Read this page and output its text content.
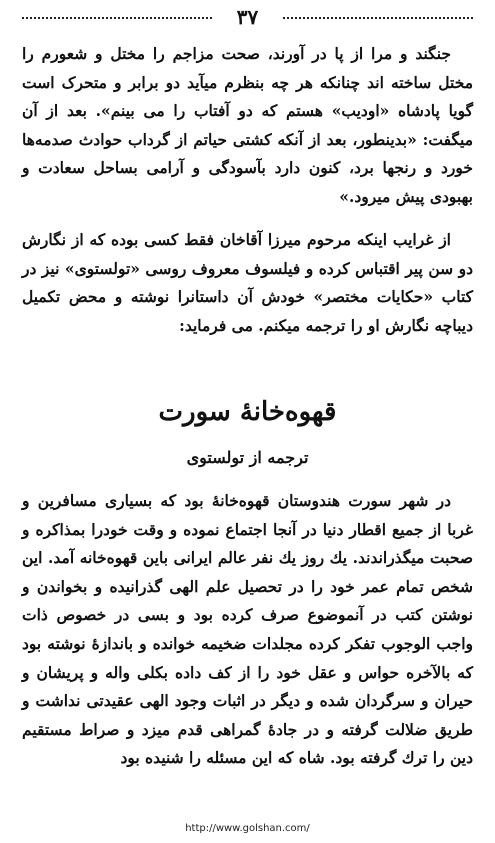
۳۷

جنگند و مرا از پا در آورند، صحت مزاجم را مختل و شعورم را مختل ساخته اند چنانکه هر چه بنظرم میآید دو برابر و متحرک است گویا پادشاه «اودیب» هستم که دو آفتاب را می بینم». بعد از آن میگفت: «بدینطور، بعد از آنکه کشتی حیاتم از گرداب حوادث صدمه‌ها خورد و رنجها برد، کنون دارد بآسودگی و آرامی بساحل سعادت و بهبودی پیش میرود.»

از غرایب اینکه مرحوم میرزا آقاخان فقط کسی بوده که از نگارش دو سن پیر اقتباس کرده و فیلسوف معروف روسی «تولستوی» نیز در کتاب «حکایات مختصر» خودش آن داستانرا نوشته و محض تکمیل دیباچه نگارش او را ترجمه میکنم. می فرماید:

قهوه‌خانهٔ سورت
ترجمه از تولستوی

در شهر سورت هندوستان قهوه‌خانهٔ بود که بسیاری مسافرین و غربا از جمیع اقطار دنیا در آنجا اجتماع نموده و وقت خودرا بمذاکره و صحبت میگذراندند. یك روز یك نفر عالم ایرانی باین قهوه‌خانه آمد. این شخص تمام عمر خود را در تحصیل علم الهی گذرانیده و بخواندن و نوشتن کتب در آنموضوع صرف کرده بود و بسی در خصوص ذات واجب الوجوب تفکر کرده مجلدات ضخیمه خوانده و باندازهٔ نوشته بود که بالآخره حواس و عقل خود را از کف داده بکلی واله و پریشان و حیران و سرگردان شده و دیگر در اثبات وجود الهی عقیدتی نداشت و طریق ضلالت گرفته و در جادهٔ گمراهی قدم میزد و صراط مستقیم دین را ترك گرفته بود. شاه که این مسئله را شنیده بود

http://www.golshan.com/
